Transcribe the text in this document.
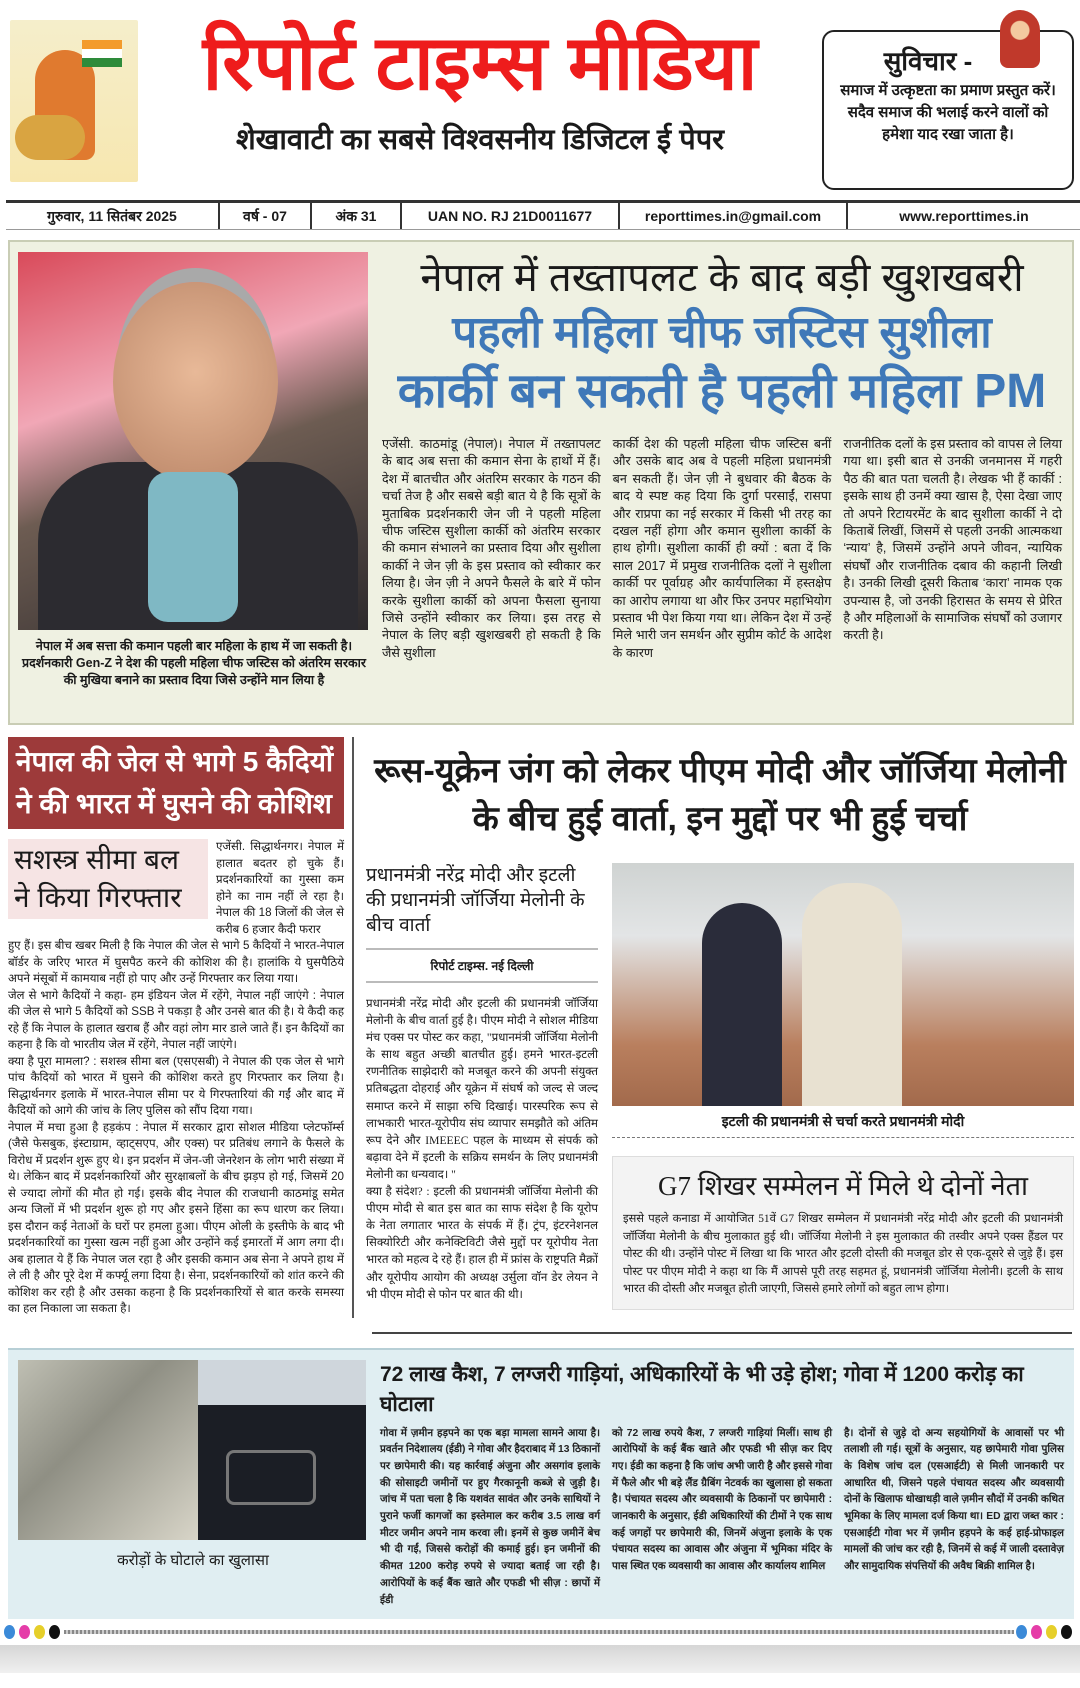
रिपोर्ट टाइम्स मीडिया
शेखावाटी का सबसे विश्वसनीय डिजिटल ई पेपर
सुविचार -

समाज में उत्कृष्टता का प्रमाण प्रस्तुत करें। सदैव समाज की भलाई करने वालों को हमेशा याद रखा जाता है।

गुरुवार, 11 सितंबर 2025	वर्ष - 07	अंक 31	UAN NO. RJ 21D0011677	reporttimes.in@gmail.com	www.reporttimes.in
नेपाल में अब सत्ता की कमान पहली बार महिला के हाथ में जा सकती है। प्रदर्शनकारी Gen-Z ने देश की पहली महिला चीफ जस्टिस को अंतरिम सरकार की मुखिया बनाने का प्रस्ताव दिया जिसे उन्होंने मान लिया है
नेपाल में तख्तापलट के बाद बड़ी खुशखबरी
पहली महिला चीफ जस्टिस सुशीला
कार्की बन सकती है पहली महिला PM

एजेंसी. काठमांडू (नेपाल)। नेपाल में तख्तापलट के बाद अब सत्ता की कमान सेना के हाथों में हैं। देश में बातचीत और अंतरिम सरकार के गठन की चर्चा तेज है और सबसे बड़ी बात ये है कि सूत्रों के मुताबिक प्रदर्शनकारी जेन जी ने पहली महिला चीफ जस्टिस सुशीला कार्की को अंतरिम सरकार की कमान संभालने का प्रस्ताव दिया और सुशीला कार्की ने जेन ज़ी के इस प्रस्ताव को स्वीकार कर लिया है। जेन ज़ी ने अपने फैसले के बारे में फोन करके सुशीला कार्की को अपना फैसला सुनाया जिसे उन्होंने स्वीकार कर लिया। इस तरह से नेपाल के लिए बड़ी खुशखबरी हो सकती है कि जैसे सुशीला

कार्की देश की पहली महिला चीफ जस्टिस बनीं और उसके बाद अब वे पहली महिला प्रधानमंत्री बन सकती हैं। जेन ज़ी ने बुधवार की बैठक के बाद ये स्पष्ट कह दिया कि दुर्गा परसाईं, रासपा और राप्रपा का नई सरकार में किसी भी तरह का दखल नहीं होगा और कमान सुशीला कार्की के हाथ होगी। सुशीला कार्की ही क्यों : बता दें कि साल 2017 में प्रमुख राजनीतिक दलों ने सुशीला कार्की पर पूर्वाग्रह और कार्यपालिका में हस्तक्षेप का आरोप लगाया था और फिर उनपर महाभियोग प्रस्ताव भी पेश किया गया था। लेकिन देश में उन्हें मिले भारी जन समर्थन और सुप्रीम कोर्ट के आदेश के कारण

राजनीतिक दलों के इस प्रस्ताव को वापस ले लिया गया था। इसी बात से उनकी जनमानस में गहरी पैठ की बात पता चलती है। लेखक भी हैं कार्की : इसके साथ ही उनमें क्या खास है, ऐसा देखा जाए तो अपने रिटायरमेंट के बाद सुशीला कार्की ने दो किताबें लिखीं, जिसमें से पहली उनकी आत्मकथा ‘न्याय’ है, जिसमें उन्होंने अपने जीवन, न्यायिक संघर्षों और राजनीतिक दबाव की कहानी लिखी है। उनकी लिखी दूसरी किताब ‘कारा’ नामक एक उपन्यास है, जो उनकी हिरासत के समय से प्रेरित है और महिलाओं के सामाजिक संघर्षों को उजागर करती है।

नेपाल की जेल से भागे 5 कैदियों ने की भारत में घुसने की कोशिश
सशस्त्र सीमा बल ने किया गिरफ्तार

एजेंसी. सिद्धार्थनगर। नेपाल में हालात बदतर हो चुके हैं। प्रदर्शनकारियों का गुस्सा कम होने का नाम नहीं ले रहा है। नेपाल की 18 जिलों की जेल से करीब 6 हजार कैदी फरार

हुए हैं। इस बीच खबर मिली है कि नेपाल की जेल से भागे 5 कैदियों ने भारत-नेपाल बॉर्डर के जरिए भारत में घुसपैठ करने की कोशिश की है। हालांकि ये घुसपैठिये अपने मंसूबों में कामयाब नहीं हो पाए और उन्हें गिरफ्तार कर लिया गया।

जेल से भागे कैदियों ने कहा- हम इंडियन जेल में रहेंगे, नेपाल नहीं जाएंगे : नेपाल की जेल से भागे 5 कैदियों को SSB ने पकड़ा है और उनसे बात की है। ये कैदी कह रहे हैं कि नेपाल के हालात खराब हैं और वहां लोग मार डाले जाते हैं। इन कैदियों का कहना है कि वो भारतीय जेल में रहेंगे, नेपाल नहीं जाएंगे।

क्या है पूरा मामला? : सशस्त्र सीमा बल (एसएसबी) ने नेपाल की एक जेल से भागे पांच कैदियों को भारत में घुसने की कोशिश करते हुए गिरफ्तार कर लिया है। सिद्धार्थनगर इलाके में भारत-नेपाल सीमा पर ये गिरफ्तारियां की गईं और बाद में कैदियों को आगे की जांच के लिए पुलिस को सौंप दिया गया।

नेपाल में मचा हुआ है हड़कंप : नेपाल में सरकार द्वारा सोशल मीडिया प्लेटफॉर्म्स (जैसे फेसबुक, इंस्टाग्राम, व्हाट्सएप, और एक्स) पर प्रतिबंध लगाने के फैसले के विरोध में प्रदर्शन शुरू हुए थे। इन प्रदर्शन में जेन-जी जेनरेशन के लोग भारी संख्या में थे। लेकिन बाद में प्रदर्शनकारियों और सुरक्षाबलों के बीच झड़प हो गई, जिसमें 20 से ज्यादा लोगों की मौत हो गई। इसके बीद नेपाल की राजधानी काठमांडू समेत अन्य जिलों में भी प्रदर्शन शुरू हो गए और इसने हिंसा का रूप धारण कर लिया। इस दौरान कई नेताओं के घरों पर हमला हुआ। पीएम ओली के इस्तीफे के बाद भी प्रदर्शनकारियों का गुस्सा खत्म नहीं हुआ और उन्होंने कई इमारतों में आग लगा दी। अब हालात ये हैं कि नेपाल जल रहा है और इसकी कमान अब सेना ने अपने हाथ में ले ली है और पूरे देश में कर्फ्यू लगा दिया है। सेना, प्रदर्शनकारियों को शांत करने की कोशिश कर रही है और उसका कहना है कि प्रदर्शनकारियों से बात करके समस्या का हल निकाला जा सकता है।

रूस-यूक्रेन जंग को लेकर पीएम मोदी और जॉर्जिया मेलोनी के बीच हुई वार्ता, इन मुद्दों पर भी हुई चर्चा
प्रधानमंत्री नरेंद्र मोदी और इटली की प्रधानमंत्री जॉर्जिया मेलोनी के बीच वार्ता
रिपोर्ट टाइम्स. नई दिल्ली

प्रधानमंत्री नरेंद्र मोदी और इटली की प्रधानमंत्री जॉर्जिया मेलोनी के बीच वार्ता हुई है। पीएम मोदी ने सोशल मीडिया मंच एक्स पर पोस्ट कर कहा, "प्रधानमंत्री जॉर्जिया मेलोनी के साथ बहुत अच्छी बातचीत हुई। हमने भारत-इटली रणनीतिक साझेदारी को मजबूत करने की अपनी संयुक्त प्रतिबद्धता दोहराई और यूक्रेन में संघर्ष को जल्द से जल्द समाप्त करने में साझा रुचि दिखाई। पारस्परिक रूप से लाभकारी भारत-यूरोपीय संघ व्यापार समझौते को अंतिम रूप देने और IMEEEC पहल के माध्यम से संपर्क को बढ़ावा देने में इटली के सक्रिय समर्थन के लिए प्रधानमंत्री मेलोनी का धन्यवाद। "

क्या है संदेश? : इटली की प्रधानमंत्री जॉर्जिया मेलोनी की पीएम मोदी से बात इस बात का साफ संदेश है कि यूरोप के नेता लगातार भारत के संपर्क में हैं। ट्रंप, इंटरनेशनल सिक्योरिटी और कनेक्टिविटी जैसे मुद्दों पर यूरोपीय नेता भारत को महत्व दे रहे हैं। हाल ही में फ्रांस के राष्ट्रपति मैक्रों और यूरोपीय आयोग की अध्यक्ष उर्सुला वॉन डेर लेयन ने भी पीएम मोदी से फोन पर बात की थी।

इटली की प्रधानमंत्री से चर्चा करते प्रधानमंत्री मोदी
G7 शिखर सम्मेलन में मिले थे दोनों नेता

इससे पहले कनाडा में आयोजित 51वें G7 शिखर सम्मेलन में प्रधानमंत्री नरेंद्र मोदी और इटली की प्रधानमंत्री जॉर्जिया मेलोनी के बीच मुलाकात हुई थी। जॉर्जिया मेलोनी ने इस मुलाकात की तस्वीर अपने एक्स हैंडल पर पोस्ट की थी। उन्होंने पोस्ट में लिखा था कि भारत और इटली दोस्ती की मजबूत डोर से एक-दूसरे से जुड़े हैं। इस पोस्ट पर पीएम मोदी ने कहा था कि मैं आपसे पूरी तरह सहमत हूं, प्रधानमंत्री जॉर्जिया मेलोनी। इटली के साथ भारत की दोस्ती और मजबूत होती जाएगी, जिससे हमारे लोगों को बहुत लाभ होगा।

करोड़ों के घोटाले का खुलासा
72 लाख कैश, 7 लग्जरी गाड़ियां, अधिकारियों के भी उड़े होश; गोवा में 1200 करोड़ का घोटाला

गोवा में ज़मीन हड़पने का एक बड़ा मामला सामने आया है। प्रवर्तन निदेशालय (ईडी) ने गोवा और हैदराबाद में 13 ठिकानों पर छापेमारी की। यह कार्रवाई अंजुना और असगांव इलाके की सोसाइटी जमीनों पर हुए गैरकानूनी कब्जे से जुड़ी है। जांच में पता चला है कि यशवंत सावंत और उनके साथियों ने पुराने फर्जी कागजों का इस्तेमाल कर करीब 3.5 लाख वर्ग मीटर जमीन अपने नाम करवा ली। इनमें से कुछ जमीनें बेच भी दी गईं, जिससे करोड़ों की कमाई हुई। इन जमीनों की कीमत 1200 करोड़ रुपये से ज्यादा बताई जा रही है। आरोपियों के कई बैंक खाते और एफडी भी सीज़ : छापों में ईडी

को 72 लाख रुपये कैश, 7 लग्जरी गाड़ियां मिलीं। साथ ही आरोपियों के कई बैंक खाते और एफडी भी सीज़ कर दिए गए। ईडी का कहना है कि जांच अभी जारी है और इससे गोवा में फैले और भी बड़े लैंड ग्रैबिंग नेटवर्क का खुलासा हो सकता है। पंचायत सदस्य और व्यवसायी के ठिकानों पर छापेमारी : जानकारी के अनुसार, ईडी अधिकारियों की टीमों ने एक साथ कई जगहों पर छापेमारी की, जिनमें अंजुना इलाके के एक पंचायत सदस्य का आवास और अंजुना में भूमिका मंदिर के पास स्थित एक व्यवसायी का आवास और कार्यालय शामिल

है। दोनों से जुड़े दो अन्य सहयोगियों के आवासों पर भी तलाशी ली गई। सूत्रों के अनुसार, यह छापेमारी गोवा पुलिस के विशेष जांच दल (एसआईटी) से मिली जानकारी पर आधारित थी, जिसने पहले पंचायत सदस्य और व्यवसायी दोनों के खिलाफ धोखाधड़ी वाले ज़मीन सौदों में उनकी कथित भूमिका के लिए मामला दर्ज किया था। ED द्वारा जब्त कार : एसआईटी गोवा भर में ज़मीन हड़पने के कई हाई-प्रोफाइल मामलों की जांच कर रही है, जिनमें से कई में जाली दस्तावेज़ और सामुदायिक संपत्तियों की अवैध बिक्री शामिल है।
